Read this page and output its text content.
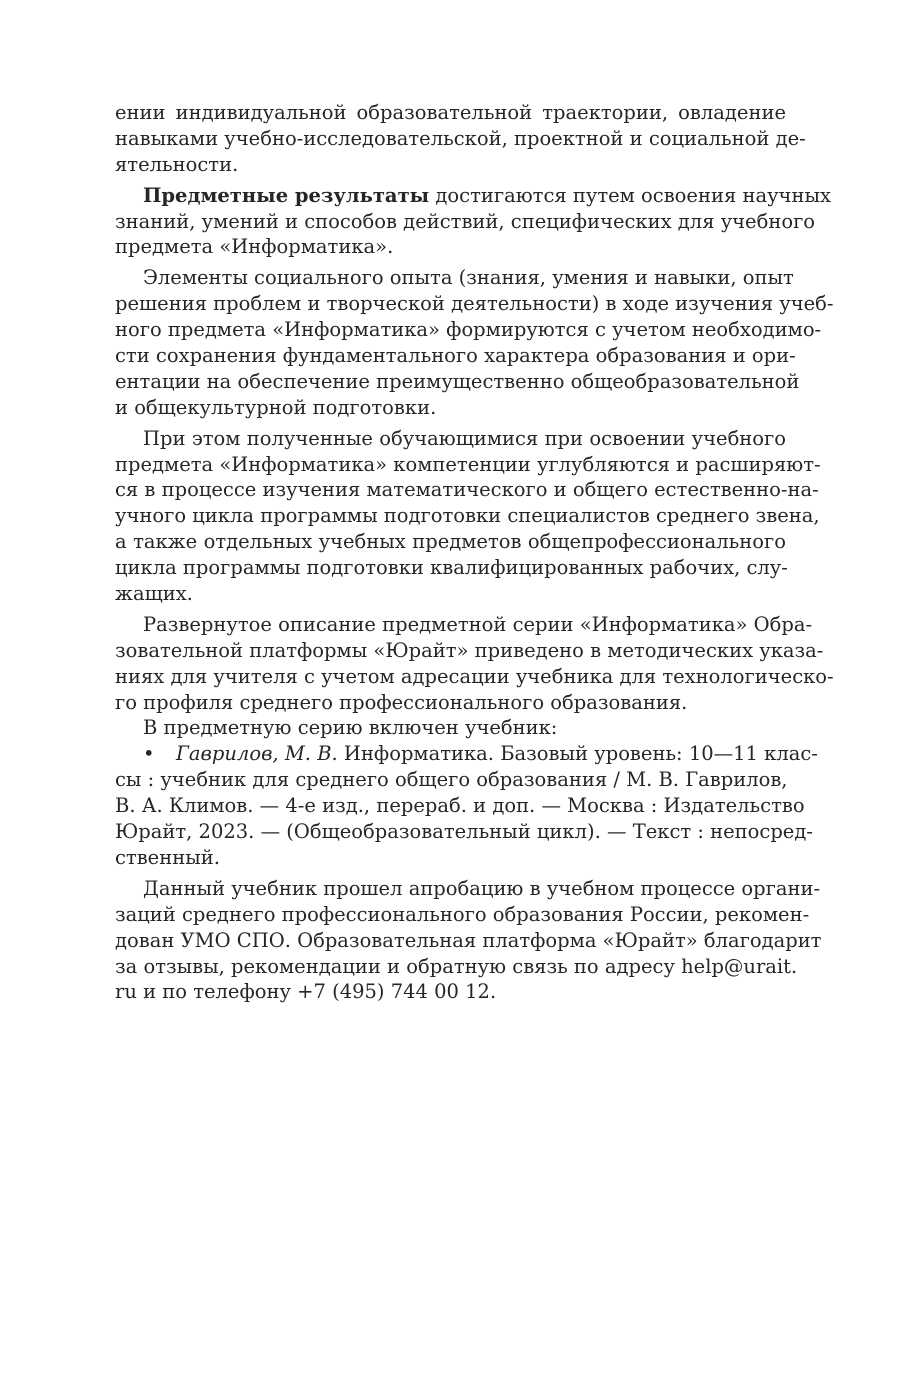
ении индивидуальной образовательной траектории, овладение
навыками учебно-исследовательской, проектной и социальной де-
ятельности.
Предметные результаты достигаются путем освоения научных
знаний, умений и способов действий, специфических для учебного
предмета «Информатика».
Элементы социального опыта (знания, умения и навыки, опыт
решения проблем и творческой деятельности) в ходе изучения учеб-
ного предмета «Информатика» формируются с учетом необходимо-
сти сохранения фундаментального характера образования и ори-
ентации на обеспечение преимущественно общеобразовательной
и общекультурной подготовки.
При этом полученные обучающимися при освоении учебного
предмета «Информатика» компетенции углубляются и расширяют-
ся в процессе изучения математического и общего естественно-на-
учного цикла программы подготовки специалистов среднего звена,
а также отдельных учебных предметов общепрофессионального
цикла программы подготовки квалифицированных рабочих, слу-
жащих.
Развернутое описание предметной серии «Информатика» Обра-
зовательной платформы «Юрайт» приведено в методических указа-
ниях для учителя с учетом адресации учебника для технологическо-
го профиля среднего профессионального образования.
В предметную серию включен учебник:
• Гаврилов, М. В. Информатика. Базовый уровень: 10—11 клас-
сы : учебник для среднего общего образования / М. В. Гаврилов,
В. А. Климов. — 4-е изд., перераб. и доп. — Москва : Издательство
Юрайт, 2023. — (Общеобразовательный цикл). — Текст : непосред-
ственный.
Данный учебник прошел апробацию в учебном процессе органи-
заций среднего профессионального образования России, рекомен-
дован УМО СПО. Образовательная платформа «Юрайт» благодарит
за отзывы, рекомендации и обратную связь по адресу help@urait.
ru и по телефону +7 (495) 744 00 12.
